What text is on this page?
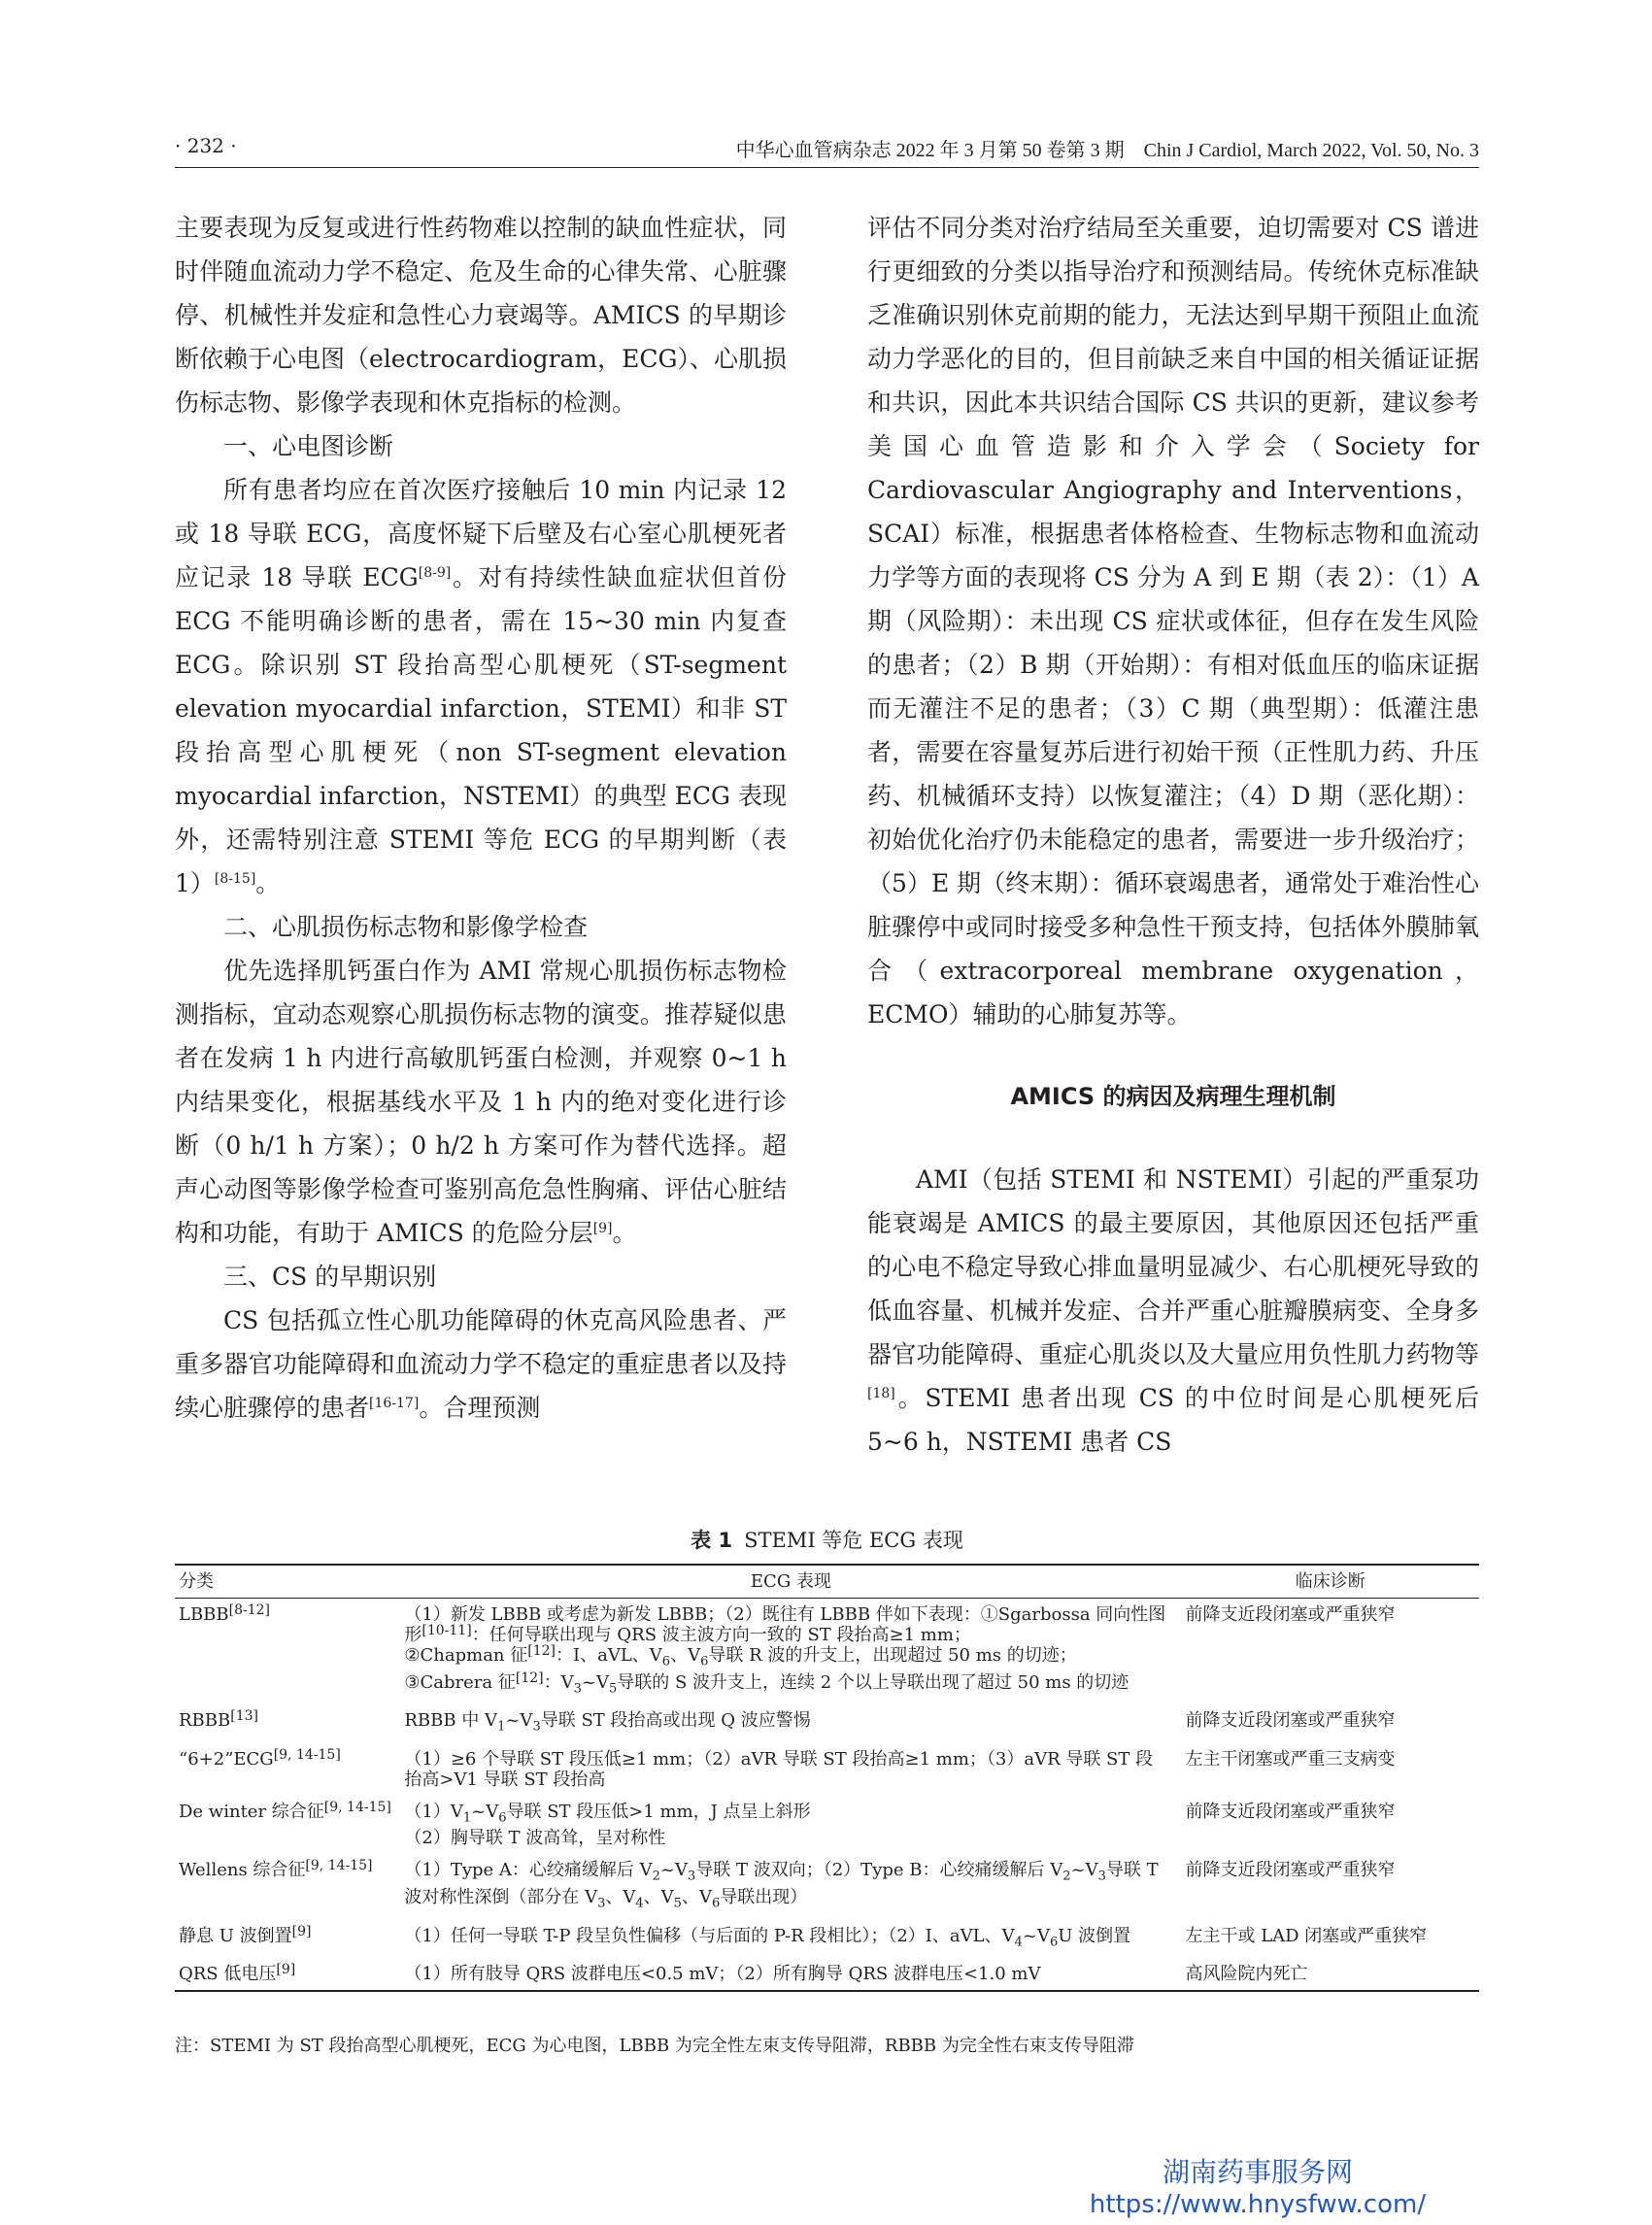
· 232 ·	中华心血管病杂志 2022 年 3 月第 50 卷第 3 期　Chin J Cardiol, March 2022, Vol. 50, No. 3

主要表现为反复或进行性药物难以控制的缺血性症状，同时伴随血流动力学不稳定、危及生命的心律失常、心脏骤停、机械性并发症和急性心力衰竭等。AMICS 的早期诊断依赖于心电图（electrocardiogram，ECG）、心肌损伤标志物、影像学表现和休克指标的检测。

一、心电图诊断

所有患者均应在首次医疗接触后 10 min 内记录 12 或 18 导联 ECG，高度怀疑下后壁及右心室心肌梗死者应记录 18 导联 ECG[8-9]。对有持续性缺血症状但首份 ECG 不能明确诊断的患者，需在 15~30 min 内复查 ECG。除识别 ST 段抬高型心肌梗死（ST-segment elevation myocardial infarction，STEMI）和非 ST 段抬高型心肌梗死（non ST-segment elevation myocardial infarction，NSTEMI）的典型 ECG 表现外，还需特别注意 STEMI 等危 ECG 的早期判断（表 1）[8-15]。

二、心肌损伤标志物和影像学检查

优先选择肌钙蛋白作为 AMI 常规心肌损伤标志物检测指标，宜动态观察心肌损伤标志物的演变。推荐疑似患者在发病 1 h 内进行高敏肌钙蛋白检测，并观察 0~1 h 内结果变化，根据基线水平及 1 h 内的绝对变化进行诊断（0 h/1 h 方案）；0 h/2 h 方案可作为替代选择。超声心动图等影像学检查可鉴别高危急性胸痛、评估心脏结构和功能，有助于 AMICS 的危险分层[9]。

三、CS 的早期识别

CS 包括孤立性心肌功能障碍的休克高风险患者、严重多器官功能障碍和血流动力学不稳定的重症患者以及持续心脏骤停的患者[16-17]。合理预测

评估不同分类对治疗结局至关重要，迫切需要对 CS 谱进行更细致的分类以指导治疗和预测结局。传统休克标准缺乏准确识别休克前期的能力，无法达到早期干预阻止血流动力学恶化的目的，但目前缺乏来自中国的相关循证证据和共识，因此本共识结合国际 CS 共识的更新，建议参考美国心血管造影和介入学会（Society for Cardiovascular Angiography and Interventions，SCAI）标准，根据患者体格检查、生物标志物和血流动力学等方面的表现将 CS 分为 A 到 E 期（表 2）：（1）A 期（风险期）：未出现 CS 症状或体征，但存在发生风险的患者；（2）B 期（开始期）：有相对低血压的临床证据而无灌注不足的患者；（3）C 期（典型期）：低灌注患者，需要在容量复苏后进行初始干预（正性肌力药、升压药、机械循环支持）以恢复灌注；（4）D 期（恶化期）：初始优化治疗仍未能稳定的患者，需要进一步升级治疗；（5）E 期（终末期）：循环衰竭患者，通常处于难治性心脏骤停中或同时接受多种急性干预支持，包括体外膜肺氧合（extracorporeal membrane oxygenation，ECMO）辅助的心肺复苏等。

AMICS 的病因及病理生理机制

AMI（包括 STEMI 和 NSTEMI）引起的严重泵功能衰竭是 AMICS 的最主要原因，其他原因还包括严重的心电不稳定导致心排血量明显减少、右心肌梗死导致的低血容量、机械并发症、合并严重心脏瓣膜病变、全身多器官功能障碍、重症心肌炎以及大量应用负性肌力药物等[18]。STEMI 患者出现 CS 的中位时间是心肌梗死后 5~6 h，NSTEMI 患者 CS

表 1 STEMI 等危 ECG 表现
分类	ECG 表现	临床诊断
LBBB[8-12]	（1）新发 LBBB 或考虑为新发 LBBB；（2）既往有 LBBB 伴如下表现：①Sgarbossa 同向性图形[10-11]：任何导联出现与 QRS 波主波方向一致的 ST 段抬高≥1 mm；
②Chapman 征[12]：Ⅰ、aVL、$V_6$、$V_6$导联 R 波的升支上，出现超过 50 ms 的切迹；
③Cabrera 征[12]：$V_3\sim V_5$导联的 S 波升支上，连续 2 个以上导联出现了超过 50 ms 的切迹	前降支近段闭塞或严重狭窄
RBBB[13]	RBBB 中 $V_1\sim V_3$导联 ST 段抬高或出现 Q 波应警惕	前降支近段闭塞或严重狭窄
“6+2”ECG[9, 14-15]	（1）≥6 个导联 ST 段压低≥1 mm；（2）aVR 导联 ST 段抬高≥1 mm；（3）aVR 导联 ST 段抬高>V1 导联 ST 段抬高	左主干闭塞或严重三支病变
De winter 综合征[9, 14-15]	$(1)V_1\sim V_6$导联 ST 段压低>1 mm，J 点呈上斜形
（2）胸导联 T 波高耸，呈对称性	前降支近段闭塞或严重狭窄
Wellens 综合征[9, 14-15]	（1）Type A：心绞痛缓解后 $V_2\sim V_3$导联 T 波双向；（2）Type B：心绞痛缓解后 $V_2\sim V_3$导联 T 波对称性深倒（部分在 $V_3$、$V_4$、$V_5$、$V_6$导联出现）	前降支近段闭塞或严重狭窄
静息 U 波倒置[9]	（1）任何一导联 T-P 段呈负性偏移（与后面的 P-R 段相比）；（2）Ⅰ、aVL、$V_4\sim V_6U$ 波倒置	左主干或 LAD 闭塞或严重狭窄
QRS 低电压[9]	（1）所有肢导 QRS 波群电压<0.5 mV；（2）所有胸导 QRS 波群电压<1.0 mV	高风险院内死亡
注：STEMI 为 ST 段抬高型心肌梗死，ECG 为心电图，LBBB 为完全性左束支传导阻滞，RBBB 为完全性右束支传导阻滞
湖南药事服务网
https://www.hnysfww.com/
